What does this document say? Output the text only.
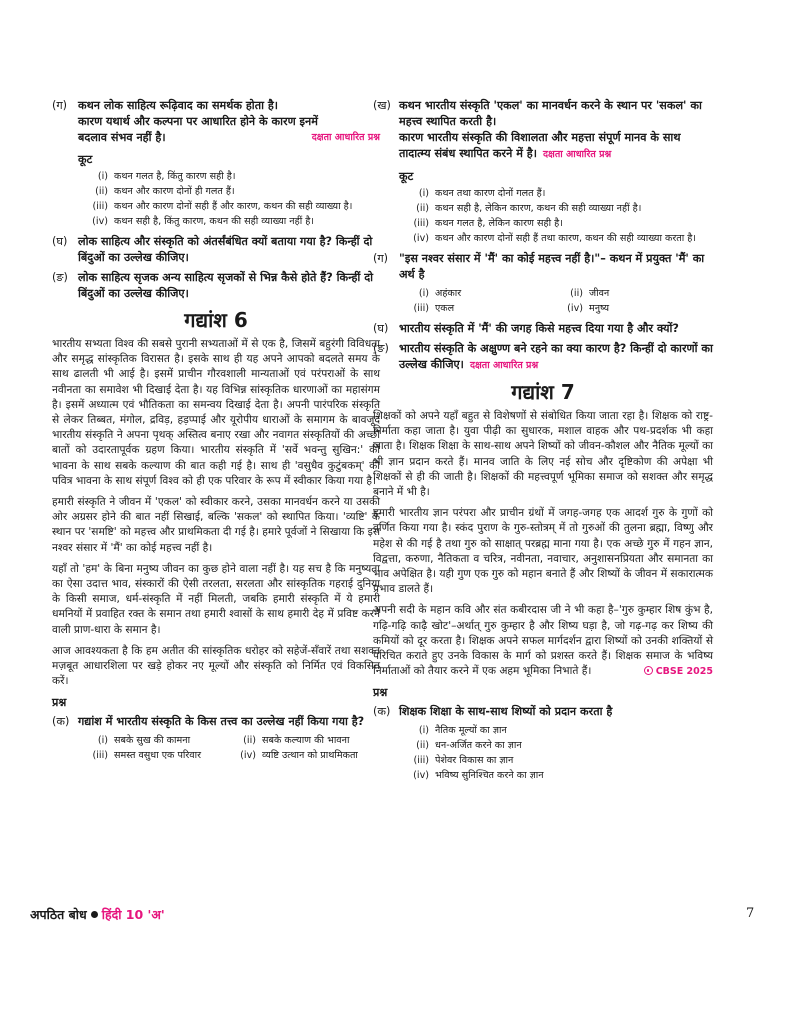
(ग) कथन लोक साहित्य रूढ़िवाद का समर्थक होता है।
कारण यथार्थ और कल्पना पर आधारित होने के कारण इनमें
बदलाव संभव नहीं है।	दक्षता आधारित प्रश्न
कूट
(i) कथन गलत है, किंतु कारण सही है।
(ii) कथन और कारण दोनों ही गलत हैं।
(iii) कथन और कारण दोनों सही हैं और कारण, कथन की सही व्याख्या है।
(iv) कथन सही है, किंतु कारण, कथन की सही व्याख्या नहीं है।
(घ) लोक साहित्य और संस्कृति को अंतर्संबंधित क्यों बताया गया है? किन्हीं दो बिंदुओं का उल्लेख कीजिए।
(ङ) लोक साहित्य सृजक अन्य साहित्य सृजकों से भिन्न कैसे होते हैं? किन्हीं दो बिंदुओं का उल्लेख कीजिए।
गद्यांश 6
भारतीय सभ्यता विश्व की सबसे पुरानी सभ्यताओं में से एक है, जिसमें बहुरंगी विविधता और समृद्ध सांस्कृतिक विरासत है। इसके साथ ही यह अपने आपको बदलते समय के साथ ढालती भी आई है। इसमें प्राचीन गौरवशाली मान्यताओं एवं परंपराओं के साथ नवीनता का समावेश भी दिखाई देता है। यह विभिन्न सांस्कृतिक धारणाओं का महासंगम है। इसमें अध्यात्म एवं भौतिकता का समन्वय दिखाई देता है। अपनी पारंपरिक संस्कृति से लेकर तिब्बत, मंगोल, द्रविड़, हड़प्पाई और यूरोपीय धाराओं के समागम के बावजूद भारतीय संस्कृति ने अपना पृथक् अस्तित्व बनाए रखा और नवागत संस्कृतियों की अच्छी बातों को उदारतापूर्वक ग्रहण किया। भारतीय संस्कृति में 'सर्वे भवन्तु सुखिन:' की भावना के साथ सबके कल्याण की बात कही गई है। साथ ही 'वसुधैव कुटुंबकम्' की पवित्र भावना के साथ संपूर्ण विश्व को ही एक परिवार के रूप में स्वीकार किया गया है।
हमारी संस्कृति ने जीवन में 'एकल' को स्वीकार करने, उसका मानवर्धन करने या उसकी ओर अग्रसर होने की बात नहीं सिखाई, बल्कि 'सकल' को स्थापित किया। 'व्यष्टि' के स्थान पर 'समष्टि' को महत्त्व और प्राथमिकता दी गई है। हमारे पूर्वजों ने सिखाया कि इस नश्वर संसार में 'मैं' का कोई महत्त्व नहीं है।
यहाँ तो 'हम' के बिना मनुष्य जीवन का कुछ होने वाला नहीं है। यह सच है कि मनुष्यता का ऐसा उदात्त भाव, संस्कारों की ऐसी तरलता, सरलता और सांस्कृतिक गहराई दुनिया के किसी समाज, धर्म-संस्कृति में नहीं मिलती, जबकि हमारी संस्कृति में ये हमारी धमनियों में प्रवाहित रक्त के समान तथा हमारी श्वासों के साथ हमारी देह में प्रविष्ट करने वाली प्राण-धारा के समान है।
आज आवश्यकता है कि हम अतीत की सांस्कृतिक धरोहर को सहेजें-सँवारें तथा सशक्त मज़बूत आधारशिला पर खड़े होकर नए मूल्यों और संस्कृति को निर्मित एवं विकसित करें।
प्रश्न
(क) गद्यांश में भारतीय संस्कृति के किस तत्त्व का उल्लेख नहीं किया गया है?
(i) सबके सुख की कामना	(ii) सबके कल्याण की भावना
(iii) समस्त वसुधा एक परिवार	(iv) व्यष्टि उत्थान को प्राथमिकता
(ख) कथन भारतीय संस्कृति 'एकल' का मानवर्धन करने के स्थान पर 'सकल' का महत्त्व स्थापित करती है।
कारण भारतीय संस्कृति की विशालता और महत्ता संपूर्ण मानव के साथ तादात्म्य संबंध स्थापित करने में है। दक्षता आधारित प्रश्न
कूट
(i) कथन तथा कारण दोनों गलत हैं।
(ii) कथन सही है, लेकिन कारण, कथन की सही व्याख्या नहीं है।
(iii) कथन गलत है, लेकिन कारण सही है।
(iv) कथन और कारण दोनों सही हैं तथा कारण, कथन की सही व्याख्या करता है।
(ग) "इस नश्वर संसार में 'मैं' का कोई महत्त्व नहीं है।"– कथन में प्रयुक्त 'मैं' का अर्थ है
(i) अहंकार	(ii) जीवन
(iii) एकल	(iv) मनुष्य
(घ) भारतीय संस्कृति में 'मैं' की जगह किसे महत्त्व दिया गया है और क्यों?
(ङ) भारतीय संस्कृति के अक्षुण्ण बने रहने का क्या कारण है? किन्हीं दो कारणों का उल्लेख कीजिए। दक्षता आधारित प्रश्न
गद्यांश 7
शिक्षकों को अपने यहाँ बहुत से विशेषणों से संबोधित किया जाता रहा है। शिक्षक को राष्ट्र-निर्माता कहा जाता है। युवा पीढ़ी का सुधारक, मशाल वाहक और पथ-प्रदर्शक भी कहा जाता है। शिक्षक शिक्षा के साथ-साथ अपने शिष्यों को जीवन-कौशल और नैतिक मूल्यों का भी ज्ञान प्रदान करते हैं। मानव जाति के लिए नई सोच और दृष्टिकोण की अपेक्षा भी शिक्षकों से ही की जाती है। शिक्षकों की महत्त्वपूर्ण भूमिका समाज को सशक्त और समृद्ध बनाने में भी है।
हमारी भारतीय ज्ञान परंपरा और प्राचीन ग्रंथों में जगह-जगह एक आदर्श गुरु के गुणों को वर्णित किया गया है। स्कंद पुराण के गुरु-स्तोत्रम् में तो गुरुओं की तुलना ब्रह्मा, विष्णु और महेश से की गई है तथा गुरु को साक्षात् परब्रह्म माना गया है। एक अच्छे गुरु में गहन ज्ञान, विद्वत्ता, करुणा, नैतिकता व चरित्र, नवीनता, नवाचार, अनुशासनप्रियता और समानता का भाव अपेक्षित है। यही गुण एक गुरु को महान बनाते हैं और शिष्यों के जीवन में सकारात्मक प्रभाव डालते हैं।
अपनी सदी के महान कवि और संत कबीरदास जी ने भी कहा है–'गुरु कुम्हार शिष कुंभ है, गढ़ि-गढ़ि काढ़ै खोट'–अर्थात् गुरु कुम्हार है और शिष्य घड़ा है, जो गढ़-गढ़ कर शिष्य की कमियों को दूर करता है। शिक्षक अपने सफल मार्गदर्शन द्वारा शिष्यों को उनकी शक्तियों से परिचित कराते हुए उनके विकास के मार्ग को प्रशस्त करते हैं। शिक्षक समाज के भविष्य निर्माताओं को तैयार करने में एक अहम भूमिका निभाते हैं।	CBSE 2025
प्रश्न
(क) शिक्षक शिक्षा के साथ-साथ शिष्यों को प्रदान करता है
(i) नैतिक मूल्यों का ज्ञान
(ii) धन-अर्जित करने का ज्ञान
(iii) पेशेवर विकास का ज्ञान
(iv) भविष्य सुनिश्चित करने का ज्ञान
अपठित बोध हिंदी 10 'अ'	7
